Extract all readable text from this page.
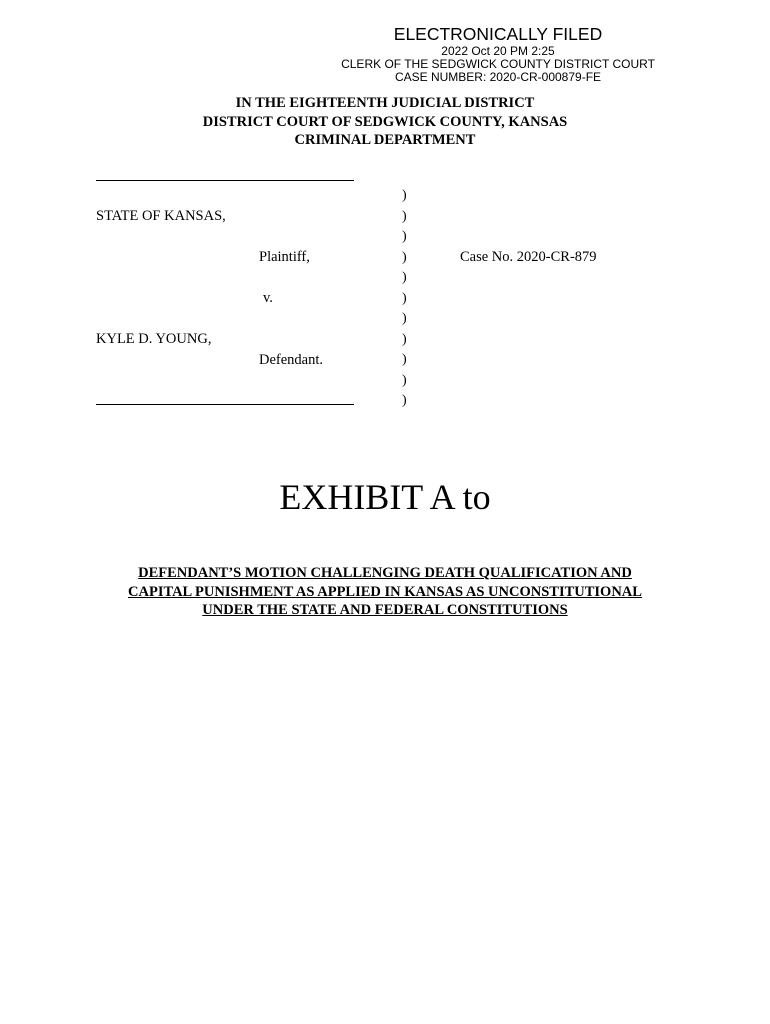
ELECTRONICALLY FILED
2022 Oct 20 PM 2:25
CLERK OF THE SEDGWICK COUNTY DISTRICT COURT
CASE NUMBER: 2020-CR-000879-FE
IN THE EIGHTEENTH JUDICIAL DISTRICT
DISTRICT COURT OF SEDGWICK COUNTY, KANSAS
CRIMINAL DEPARTMENT
)
)
)
)
)
)
)
)
)
)
)
STATE OF KANSAS,
Plaintiff,	Case No. 2020-CR-879
v.
KYLE D. YOUNG,
Defendant.
EXHIBIT A to
DEFENDANT’S MOTION CHALLENGING DEATH QUALIFICATION AND
CAPITAL PUNISHMENT AS APPLIED IN KANSAS AS UNCONSTITUTIONAL
UNDER THE STATE AND FEDERAL CONSTITUTIONS
